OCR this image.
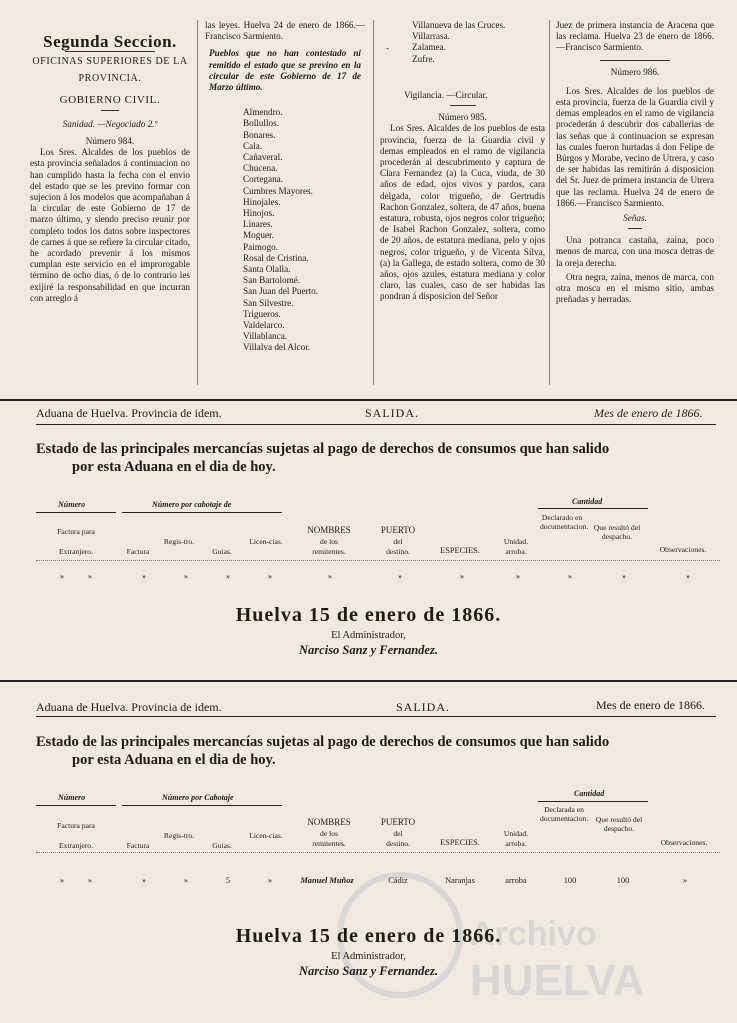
Segunda Seccion.
OFICINAS SUPERIORES DE LA
PROVINCIA.
GOBIERNO CIVIL.
Sanidad. —Negociado 2.º
Número 984.

Los Sres. Alcaldes de los pueblos de esta provincia señalados á continuacion no han cumplido hasta la fecha con el envio del estado que se les previno formar con sujecion á los modelos que acompañaban á la circular de este Gobierno de 17 de marzo último, y siendo preciso reunir por completo todos los datos sobre inspectores de carnes á que se refiere la circular citado, he acordado prevenir á los mismos cumplan este servicio en el improrogable término de ocho dias, ó de lo contrario les exijiré la responsabilidad en que incurran con arreglo á

las leyes. Huelva 24 de enero de 1866.—Francisco Sarmiento.

Pueblos que no han contestado ni remitido el estado que se previno en la circular de este Gobierno de 17 de Marzo último.

Almendro.
Bollullos.
Bonares.
Cala.
Cañaveral.
Chucena.
Cortegana.
Cumbres Mayores.
Hinojales.
Hinojos.
Linares.
Moguer.
Paimogo.
Rosal de Cristina.
Santa Olalla.
San Bartolomé.
San Juan del Puerto.
San Silvestre.
Trigueros.
Valdelarco.
Villablanca.
Villalva del Alcor.
Villanueva de las Cruces.
Villarrasa.
Zalamea.
Zufre.
-
Vigilancia. —Circular.
Número 985.

Los Sres. Alcaldes de los pueblos de esta provincia, fuerza de la Guardia civil y demas empleados en el ramo de vigilancia procederán al descubrimento y captura de Clara Fernandez (a) la Cuca, viuda, de 30 años de edad, ojos vivos y pardos, cara delgada, color trigueño, de Gertrudis Rachon Gonzalez, soltera, de 47 años, buena estatura, robusta, ojos negros color trigueño; de Isabel Rachon Gonzalez, soltera, como de 20 años, de estatura mediana, pelo y ojos negros, color trigueño, y de Vicenta Silva, (a) la Gallega, de estado soltera, como de 30 años, ojos azules, estatura mediana y color claro, las cuales, caso de ser habidas las pondran á disposicion del Señor

Juez de primera instancia de Aracena que las reclama. Huelva 23 de enero de 1866.—Francisco Sarmiento.

Número 986.

Los Sres. Alcaldes de los pueblos de esta provincia, fuerza de la Guardia civil y demas empleados en el ramo de vigilancia procederán á descubrir dos caballerias de las señas que á continuacion se expresan las cuales fueron hurtadas á don Felipe de Búrgos y Morabe, vecino de Utrera, y caso de ser habidas las remitirán á disposicion del Sr. Juez de primera instancia de Utrera que las reclama. Huelva 24 de enero de 1866.—Francisco Sarmiento.

Señas.

Una potranca castaña, zaina, poco menos de marca, con una mosca detras de la oreja derecha.

Otra negra, zaina, menos de marca, con otra mosca en el mismo sitio, ambas preñadas y herradas.

Aduana de Huelva. Provincia de idem.	SALIDA.	Mes de enero de 1866.
Estado de las principales mercancías sujetas al pago de derechos de consumos que han salido
por esta Aduana en el dia de hoy.
Número	Número por cabotaje de	Cantidad
Factura para
Extranjero.	Factura
Regis-tro.
Guias.
Licen-cias.
NOMBRES
de los
remitentes.
PUERTO
del
destino.	ESPECIES.
Unidad.
arroba.
Declarado en documentacion. Que resultó del despacho.
Observaciones.
»	»	»	»	»	»	»	»	»	»	»	»	»
Huelva 15 de enero de 1866.
El Administrador,
Narciso Sanz y Fernandez.
Aduana de Huelva. Provincia de idem.	SALIDA.	Mes de enero de 1866.
Estado de las principales mercancías sujetas al pago de derechos de consumos que han salido
por esta Aduana en el dia de hoy.
Número	Número por Cabotaje	Cantidad
Factura para
Extranjero.	Factura
Regis-tro.
Guias.
Licen-cias.
NOMBRES
de los
remitentes.
PUERTO
del
destino.	ESPECIES.
Unidad.
arroba.
Declarada en documentacion. Que resultó del despacho.
Observaciones.
Archivo
HUELVA
»	»	»	»	5	»	Manuel Muñoz	Cádiz	Naranjas	arroba	100	100	»
Huelva 15 de enero de 1866.
El Administrador,
Narciso Sanz y Fernandez.
